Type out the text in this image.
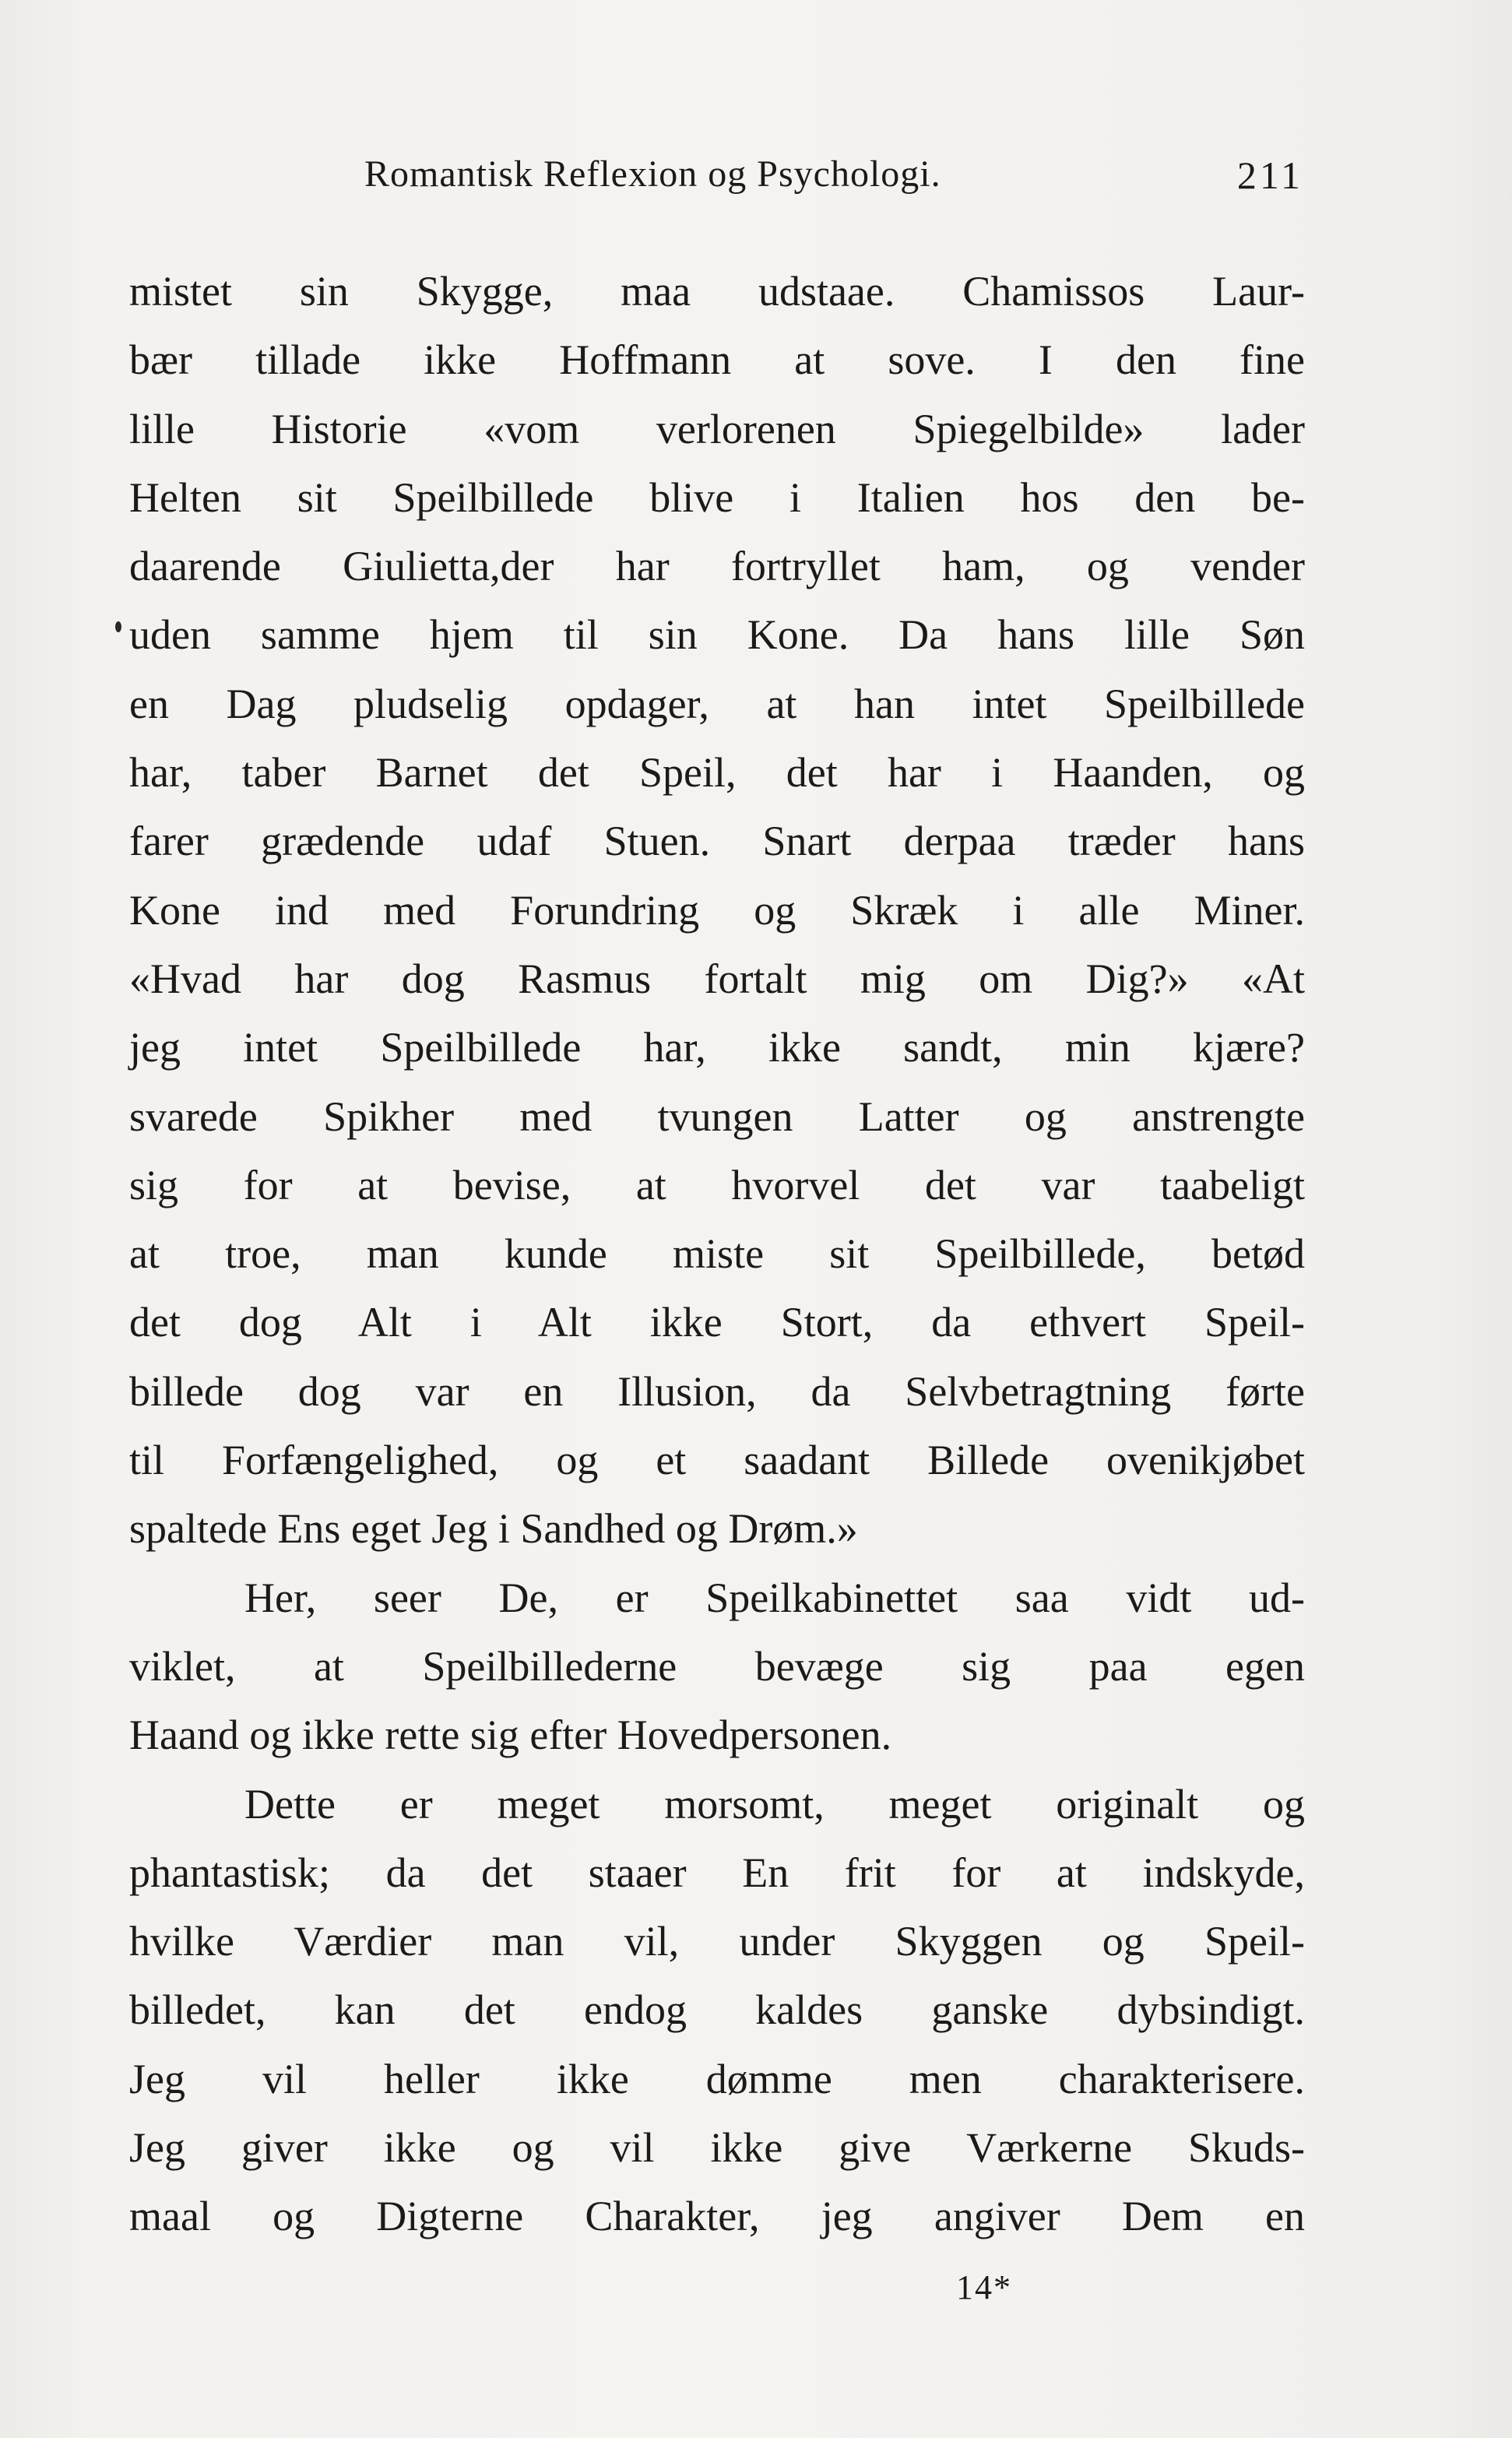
Romantisk Reflexion og Psychologi.	211
mistet sin Skygge, maa udstaae. Chamissos Laur-
bær tillade ikke Hoffmann at sove. I den fine
lille Historie «vom verlorenen Spiegelbilde» lader
Helten sit Speilbillede blive i Italien hos den be-
daarende Giulietta,der har fortryllet ham, og vender
uden samme hjem til sin Kone. Da hans lille Søn
en Dag pludselig opdager, at han intet Speilbillede
har, taber Barnet det Speil, det har i Haanden, og
farer grædende udaf Stuen. Snart derpaa træder hans
Kone ind med Forundring og Skræk i alle Miner.
«Hvad har dog Rasmus fortalt mig om Dig?» «At
jeg intet Speilbillede har, ikke sandt, min kjære?
svarede Spikher med tvungen Latter og anstrengte
sig for at bevise, at hvorvel det var taabeligt
at troe, man kunde miste sit Speilbillede, betød
det dog Alt i Alt ikke Stort, da ethvert Speil-
billede dog var en Illusion, da Selvbetragtning førte
til Forfængelighed, og et saadant Billede ovenikjøbet
spaltede Ens eget Jeg i Sandhed og Drøm.»
Her, seer De, er Speilkabinettet saa vidt ud-
viklet, at Speilbillederne bevæge sig paa egen
Haand og ikke rette sig efter Hovedpersonen.
Dette er meget morsomt, meget originalt og
phantastisk; da det staaer En frit for at indskyde,
hvilke Værdier man vil, under Skyggen og Speil-
billedet, kan det endog kaldes ganske dybsindigt.
Jeg vil heller ikke dømme men charakterisere.
Jeg giver ikke og vil ikke give Værkerne Skuds-
maal og Digterne Charakter, jeg angiver Dem en
14*
